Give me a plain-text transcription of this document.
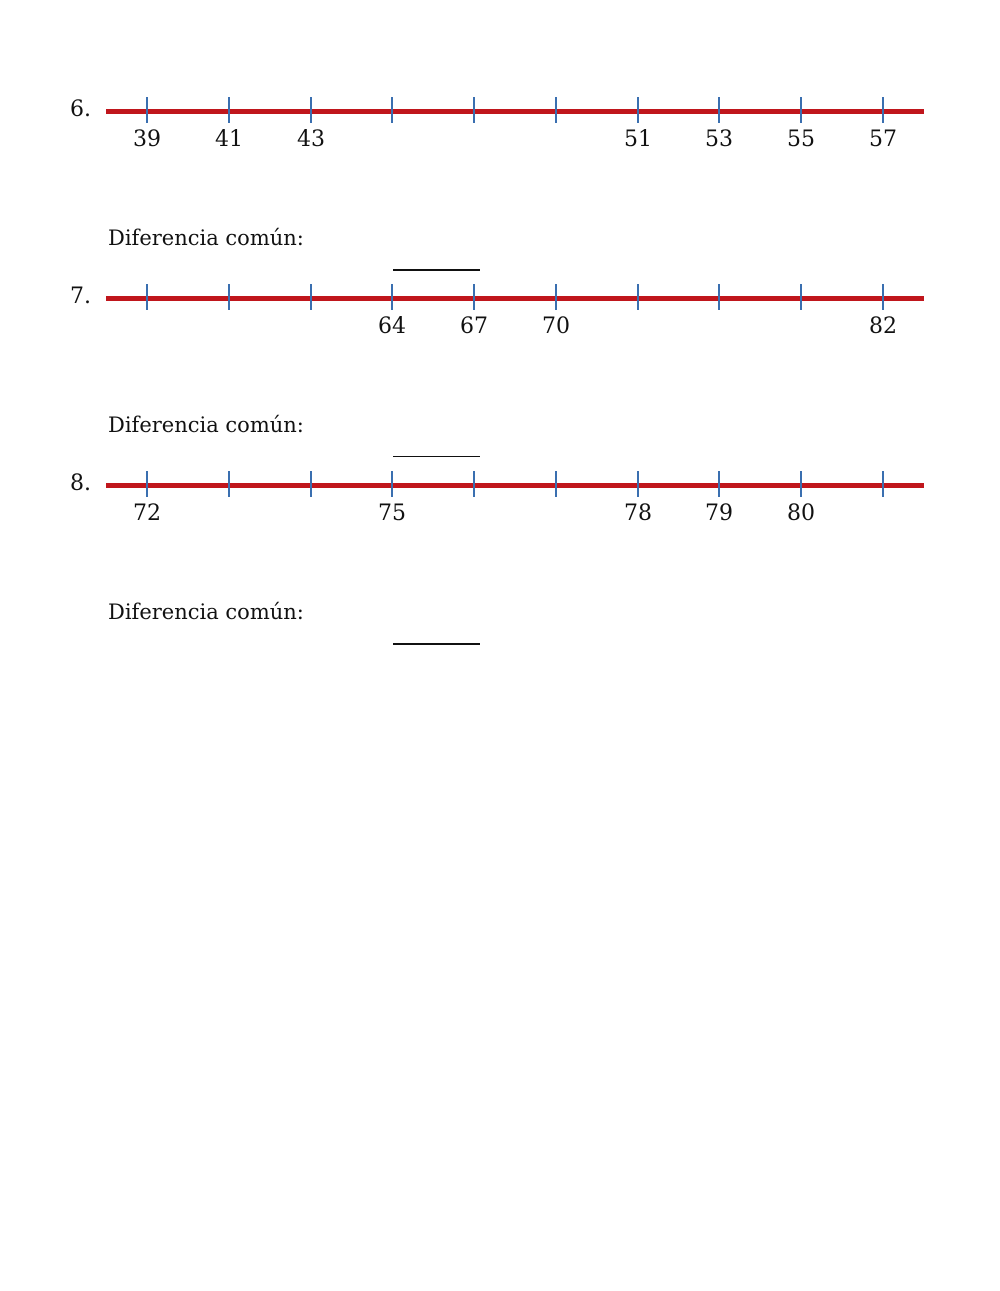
6.
39	41	43	51	53	55	57
Diferencia común:
7.
64	67	70	82
Diferencia común:
8.
72	75	78	79	80
Diferencia común:
